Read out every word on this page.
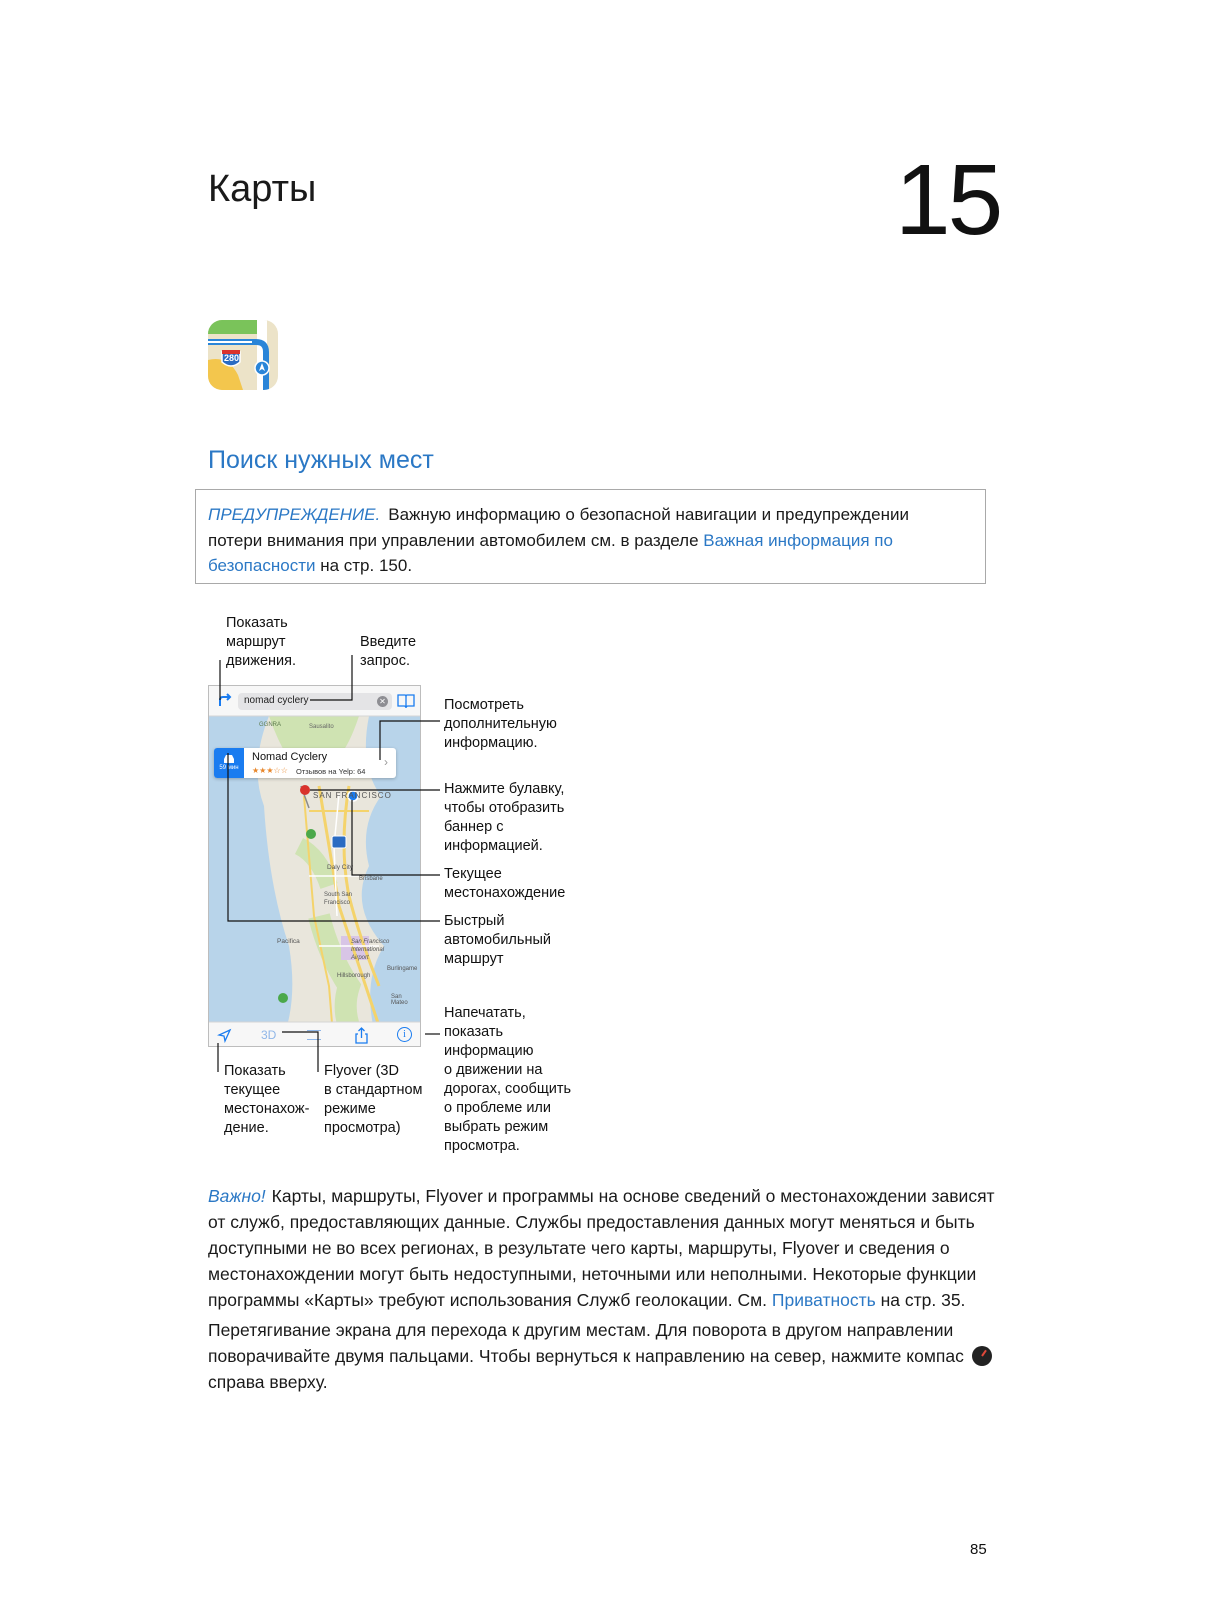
Карты	15
280
Поиск нужных мест
ПРЕДУПРЕЖДЕНИЕ. Важную информацию о безопасной навигации и предупреждении потери внимания при управлении автомобилем см. в разделе Важная информация по безопасности на стр. 150.
Показать
маршрут
движения.
Введите
запрос.
Посмотреть
дополнительную
информацию.
Нажмите булавку,
чтобы отобразить
баннер с
информацией.
Текущее
местонахождение
Быстрый
автомобильный
маршрут
Напечатать,
показать
информацию
о движении на
дорогах, сообщить
о проблеме или
выбрать режим
просмотра.
Показать
текущее
местонахож-
дение.
Flyover (3D
в стандартном
режиме
просмотра)
nomad cyclery	✕
59 мин
Nomad Cyclery
★★★☆☆ Отзывов на Yelp: 64
›
SAN FRANCISCO
GGNRA	Sausalito
Daly City
Brisbane
South San Francisco
Pacifica	San Francisco International Airport
Hillsborough
Burlingame
San Mateo
3D	i
Важно! Карты, маршруты, Flyover и программы на основе сведений о местонахождении зависят от служб, предоставляющих данные. Службы предоставления данных могут меняться и быть доступными не во всех регионах, в результате чего карты, маршруты, Flyover и сведения о местонахождении могут быть недоступными, неточными или неполными. Некоторые функции программы «Карты» требуют использования Служб геолокации. См. Приватность на стр. 35.
Перетягивание экрана для перехода к другим местам. Для поворота в другом направлении поворачивайте двумя пальцами. Чтобы вернуться к направлению на север, нажмите компас  справа вверху.
85
